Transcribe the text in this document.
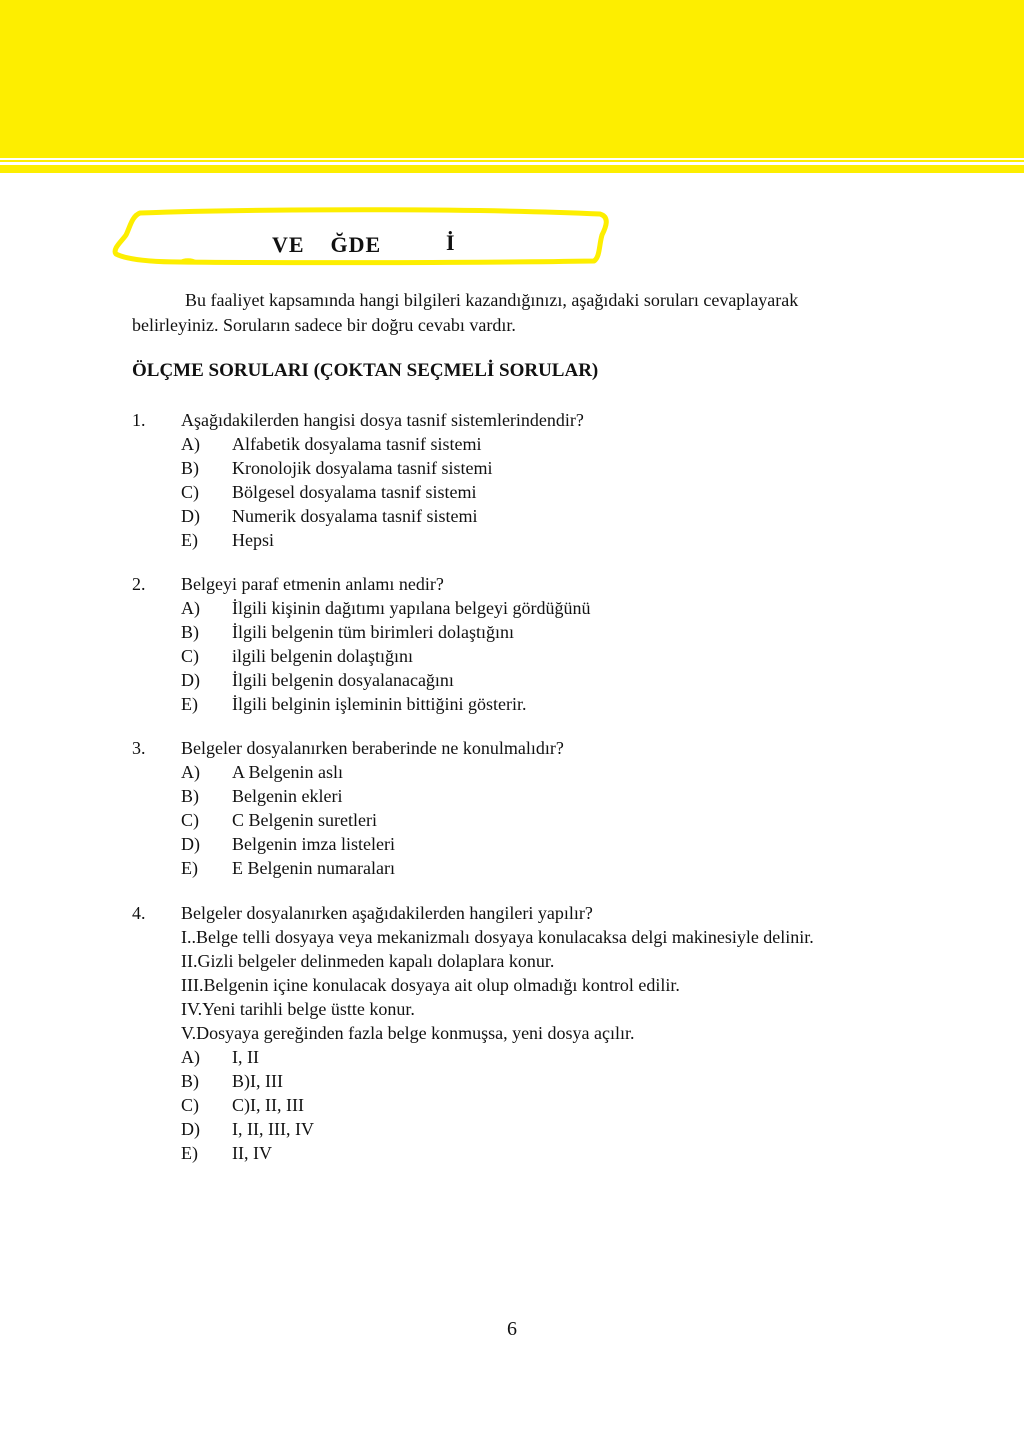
VE    ĞDE	İ
Bu faaliyet kapsamında hangi bilgileri kazandığınızı, aşağıdaki soruları cevaplayarak belirleyiniz. Soruların sadece bir doğru cevabı vardır.
ÖLÇME SORULARI (ÇOKTAN SEÇMELİ SORULAR)
1.	Aşağıdakilerden hangisi dosya tasnif sistemlerindendir?
A)	Alfabetik dosyalama tasnif sistemi
B)	Kronolojik dosyalama tasnif sistemi
C)	Bölgesel dosyalama tasnif sistemi
D)	Numerik dosyalama tasnif sistemi
E)	Hepsi
2.	Belgeyi paraf etmenin anlamı nedir?
A)	İlgili kişinin dağıtımı yapılana belgeyi gördüğünü
B)	İlgili belgenin tüm birimleri dolaştığını
C)	ilgili belgenin dolaştığını
D)	İlgili belgenin dosyalanacağını
E)	İlgili belginin işleminin bittiğini gösterir.
3.	Belgeler dosyalanırken beraberinde ne konulmalıdır?
A)	A Belgenin aslı
B)	Belgenin ekleri
C)	C Belgenin suretleri
D)	Belgenin imza listeleri
E)	E Belgenin numaraları
4.	Belgeler dosyalanırken aşağıdakilerden hangileri yapılır?
I..Belge telli dosyaya veya mekanizmalı dosyaya konulacaksa delgi makinesiyle delinir.
II.Gizli belgeler delinmeden kapalı dolaplara konur.
III.Belgenin içine konulacak dosyaya ait olup olmadığı kontrol edilir.
IV.Yeni tarihli belge üstte konur.
V.Dosyaya gereğinden fazla belge konmuşsa, yeni dosya açılır.
A)	I, II
B)	B)I, III
C)	C)I, II, III
D)	I, II, III, IV
E)	II, IV
6
